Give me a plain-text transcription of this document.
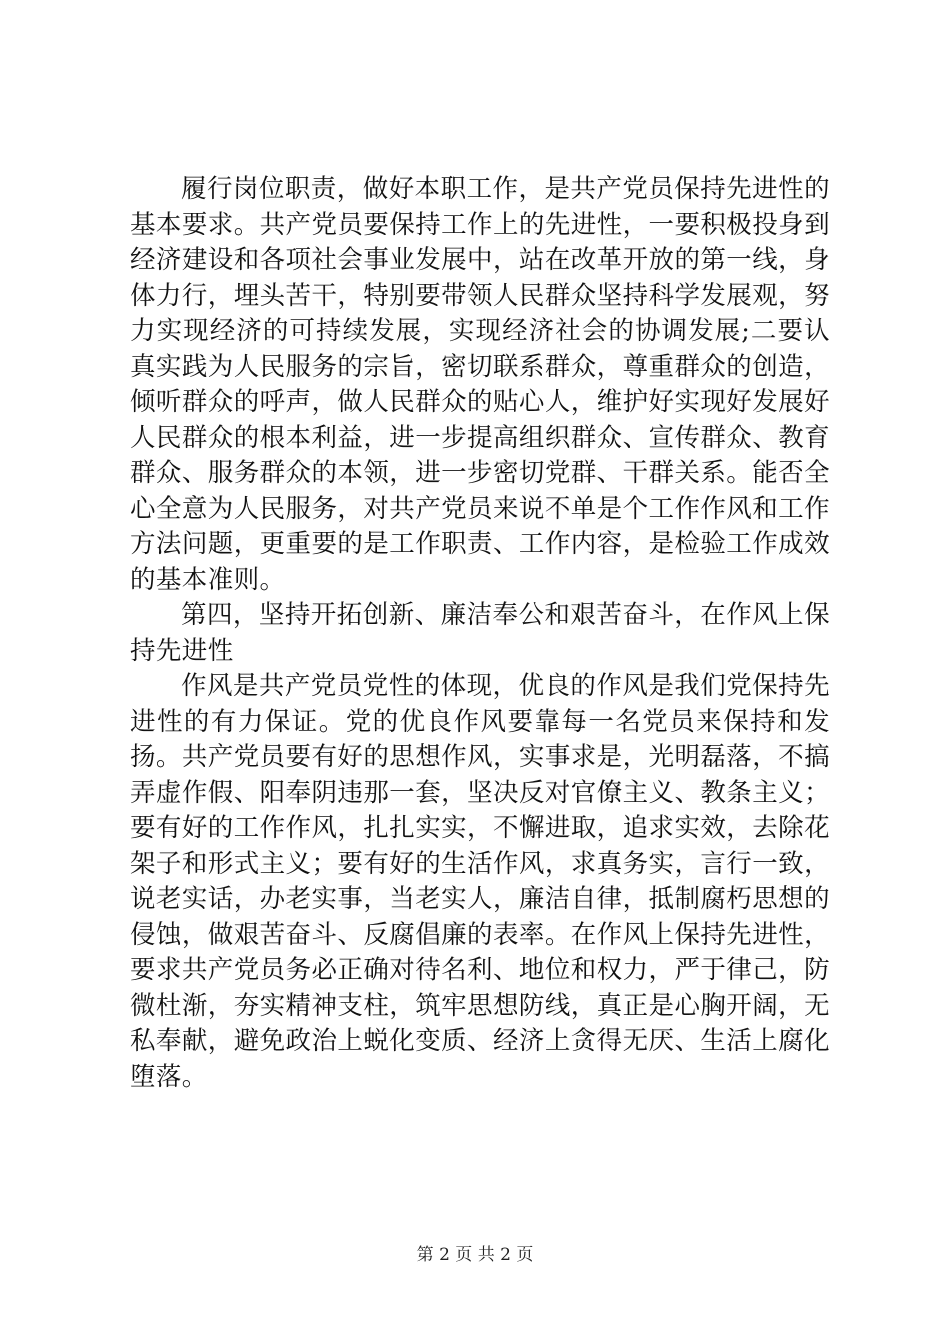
履行岗位职责，做好本职工作，是共产党员保持先进性的基本要求。共产党员要保持工作上的先进性，一要积极投身到经济建设和各项社会事业发展中，站在改革开放的第一线，身体力行，埋头苦干，特别要带领人民群众坚持科学发展观，努力实现经济的可持续发展，实现经济社会的协调发展;二要认真实践为人民服务的宗旨，密切联系群众，尊重群众的创造，倾听群众的呼声，做人民群众的贴心人，维护好实现好发展好人民群众的根本利益，进一步提高组织群众、宣传群众、教育群众、服务群众的本领，进一步密切党群、干群关系。能否全心全意为人民服务，对共产党员来说不单是个工作作风和工作方法问题，更重要的是工作职责、工作内容，是检验工作成效的基本准则。

第四，坚持开拓创新、廉洁奉公和艰苦奋斗，在作风上保持先进性

作风是共产党员党性的体现，优良的作风是我们党保持先进性的有力保证。党的优良作风要靠每一名党员来保持和发扬。共产党员要有好的思想作风，实事求是，光明磊落，不搞弄虚作假、阳奉阴违那一套，坚决反对官僚主义、教条主义；要有好的工作作风，扎扎实实，不懈进取，追求实效，去除花架子和形式主义；要有好的生活作风，求真务实，言行一致，说老实话，办老实事，当老实人，廉洁自律，抵制腐朽思想的侵蚀，做艰苦奋斗、反腐倡廉的表率。在作风上保持先进性，要求共产党员务必正确对待名利、地位和权力，严于律己，防微杜渐，夯实精神支柱，筑牢思想防线，真正是心胸开阔，无私奉献，避免政治上蜕化变质、经济上贪得无厌、生活上腐化堕落。

第 2 页 共 2 页
